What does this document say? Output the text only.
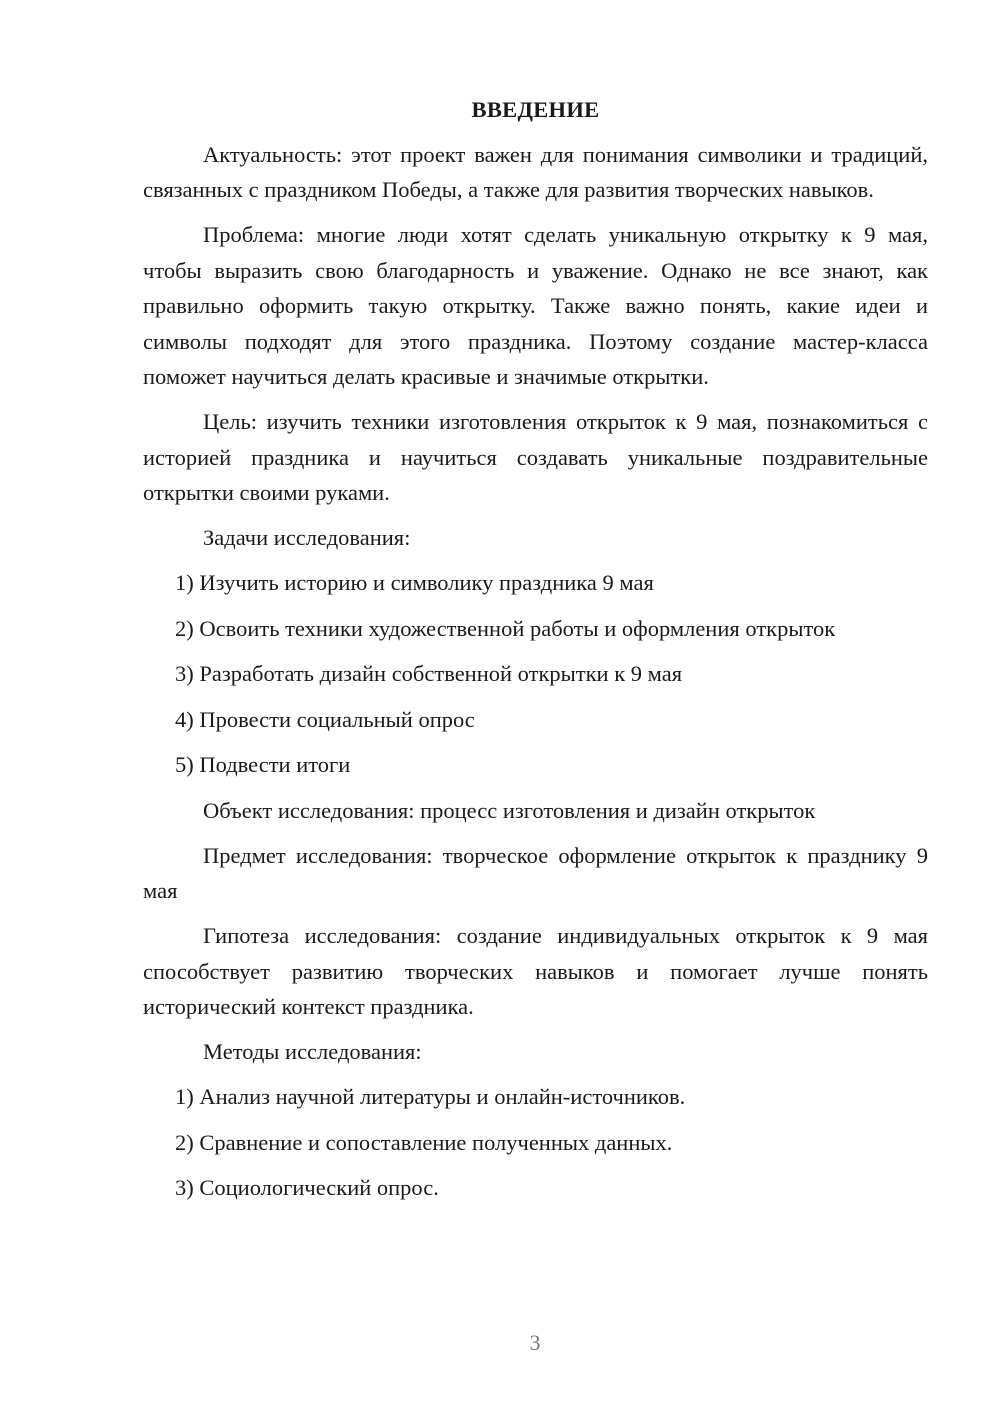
ВВЕДЕНИЕ

Актуальность: этот проект важен для понимания символики и традиций, связанных с праздником Победы, а также для развития творческих навыков.

Проблема: многие люди хотят сделать уникальную открытку к 9 мая, чтобы выразить свою благодарность и уважение. Однако не все знают, как правильно оформить такую открытку. Также важно понять, какие идеи и символы подходят для этого праздника. Поэтому создание мастер-класса поможет научиться делать красивые и значимые открытки.

Цель: изучить техники изготовления открыток к 9 мая, познакомиться с историей праздника и научиться создавать уникальные поздравительные открытки своими руками.

Задачи исследования:

1) Изучить историю и символику праздника 9 мая
2) Освоить техники художественной работы и оформления открыток
3) Разработать дизайн собственной открытки к 9 мая
4) Провести социальный опрос
5) Подвести итоги

Объект исследования: процесс изготовления и дизайн открыток

Предмет исследования: творческое оформление открыток к празднику 9 мая

Гипотеза исследования: создание индивидуальных открыток к 9 мая способствует развитию творческих навыков и помогает лучше понять исторический контекст праздника.

Методы исследования:

1) Анализ научной литературы и онлайн-источников.
2) Сравнение и сопоставление полученных данных.
3) Социологический опрос.
3
